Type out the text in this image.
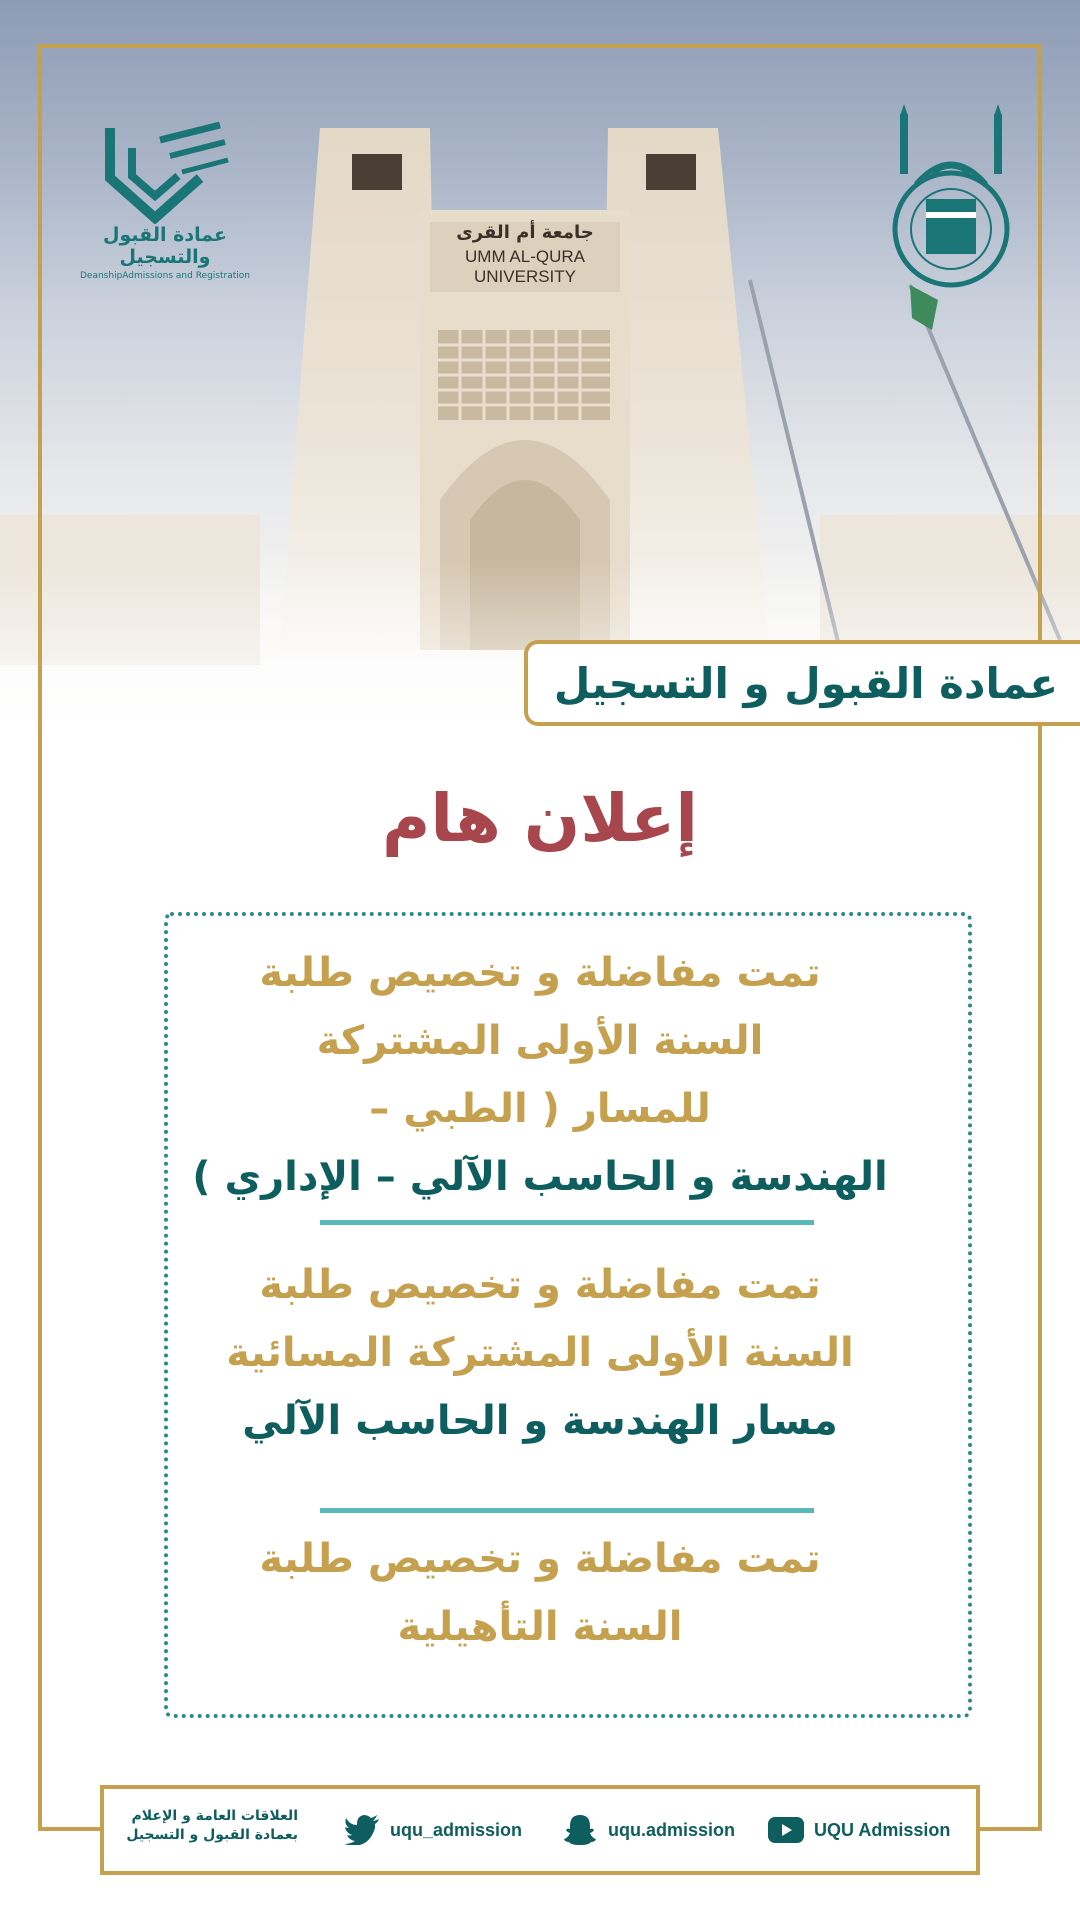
جامعة أم القرى
UMM AL-QURA
UNIVERSITY
عمادة القبول والتسجيل
DeanshipAdmissions and Registration
عمادة القبول و التسجيل
إعلان هام
تمت مفاضلة و تخصيص طلبة
السنة الأولى المشتركة
للمسار ( الطبي –
الهندسة و الحاسب الآلي – الإداري )
تمت مفاضلة و تخصيص طلبة
السنة الأولى المشتركة المسائية
مسار الهندسة و الحاسب الآلي
تمت مفاضلة و تخصيص طلبة
السنة التأهيلية
العلاقات العامة و الإعلام
بعمادة القبول و التسجيل	uqu_admission	uqu.admission	UQU Admission
